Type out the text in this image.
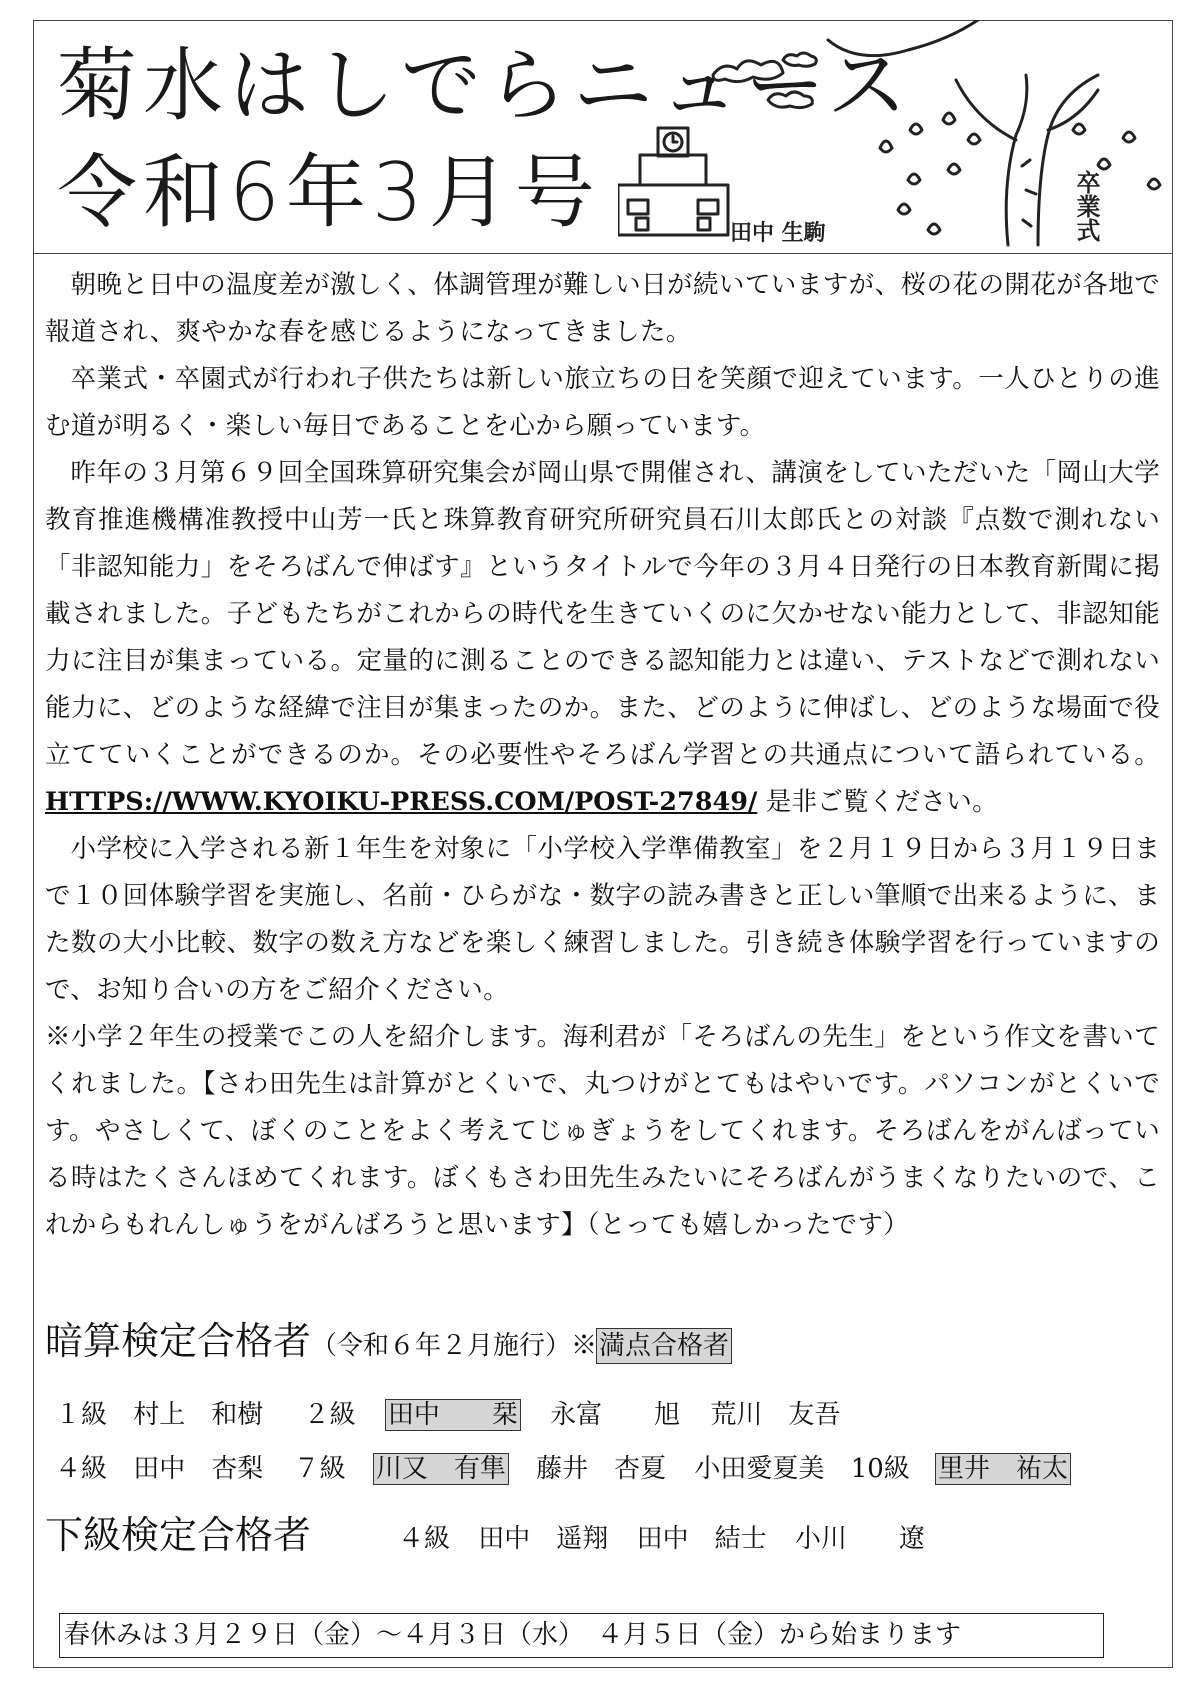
菊水はしでらニュース
令和6年3月号	田中 生駒	卒業式

朝晩と日中の温度差が激しく、体調管理が難しい日が続いていますが、桜の花の開花が各地で報道され、爽やかな春を感じるようになってきました。

卒業式・卒園式が行われ子供たちは新しい旅立ちの日を笑顔で迎えています。一人ひとりの進む道が明るく・楽しい毎日であることを心から願っています。

昨年の３月第６９回全国珠算研究集会が岡山県で開催され、講演をしていただいた「岡山大学教育推進機構准教授中山芳一氏と珠算教育研究所研究員石川太郎氏との対談『点数で測れない「非認知能力」をそろばんで伸ばす』というタイトルで今年の３月４日発行の日本教育新聞に掲載されました。子どもたちがこれからの時代を生きていくのに欠かせない能力として、非認知能力に注目が集まっている。定量的に測ることのできる認知能力とは違い、テストなどで測れない能力に、どのような経緯で注目が集まったのか。また、どのように伸ばし、どのような場面で役立てていくことができるのか。その必要性やそろばん学習との共通点について語られている。HTTPS://WWW.KYOIKU-PRESS.COM/POST-27849/ 是非ご覧ください。

小学校に入学される新１年生を対象に「小学校入学準備教室」を２月１９日から３月１９日まで１０回体験学習を実施し、名前・ひらがな・数字の読み書きと正しい筆順で出来るように、また数の大小比較、数字の数え方などを楽しく練習しました。引き続き体験学習を行っていますので、お知り合いの方をご紹介ください。

※小学２年生の授業でこの人を紹介します。海利君が「そろばんの先生」をという作文を書いてくれました。【さわ田先生は計算がとくいで、丸つけがとてもはやいです。パソコンがとくいです。やさしくて、ぼくのことをよく考えてじゅぎょうをしてくれます。そろばんをがんばっている時はたくさんほめてくれます。ぼくもさわ田先生みたいにそろばんがうまくなりたいので、これからもれんしゅうをがんばろうと思います】（とっても嬉しかったです）

暗算検定合格者（令和６年２月施行）※満点合格者
１級 村上　和樹 ２級 田中　　栞 永富　　旭 荒川　友吾
４級 田中　杏梨 ７級 川又　有隼 藤井　杏夏 小田愛夏美 10級 里井　祐太
下級検定合格者	４級 田中　遥翔 田中　結士 小川　　遼
春休みは３月２９日（金）～４月３日（水）　４月５日（金）から始まります
